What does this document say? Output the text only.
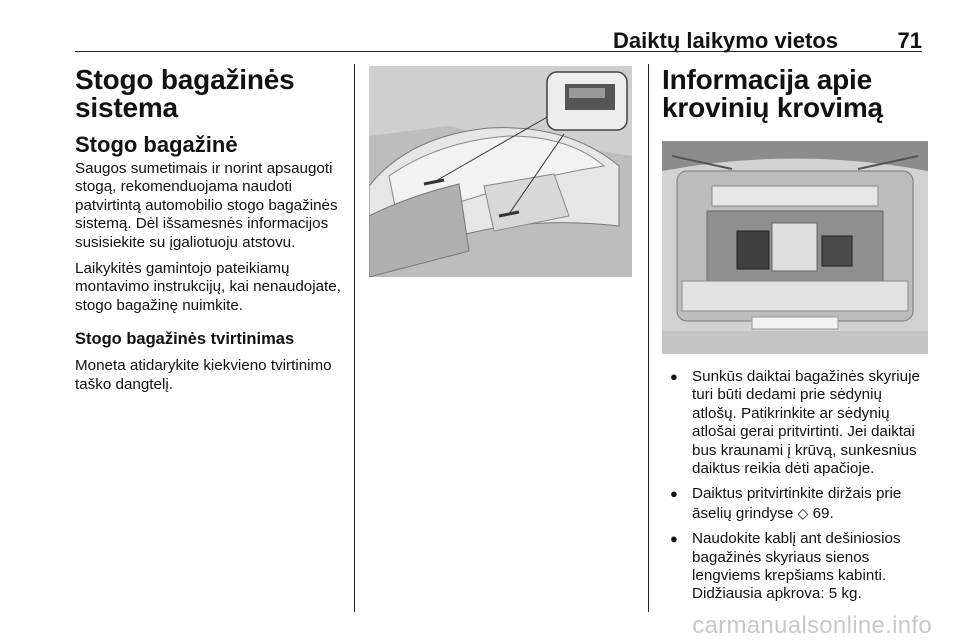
Daiktų laikymo vietos	71
Stogo bagažinės sistema
Stogo bagažinė

Saugos sumetimais ir norint apsaugoti stogą, rekomenduojama naudoti patvirtintą automobilio stogo bagažinės sistemą. Dėl išsamesnės informacijos susisiekite su įgaliotuoju atstovu.

Laikykitės gamintojo pateikiamų montavimo instrukcijų, kai nenaudojate, stogo bagažinę nuimkite.

Stogo bagažinės tvirtinimas

Moneta atidarykite kiekvieno tvirtinimo taško dangtelį.

Informacija apie krovinių krovimą
● Sunkūs daiktai bagažinės skyriuje turi būti dedami prie sėdynių atlošų. Patikrinkite ar sėdynių atlošai gerai pritvirtinti. Jei daiktai bus kraunami į krūvą, sunkesnius daiktus reikia dėti apačioje.
● Daiktus pritvirtinkite diržais prie āselių grindyse ◇ 69.
● Naudokite kablį ant dešiniosios bagažinės skyriaus sienos lengviems krepšiams kabinti. Didžiausia apkrova: 5 kg.
carmanualsonline.info
